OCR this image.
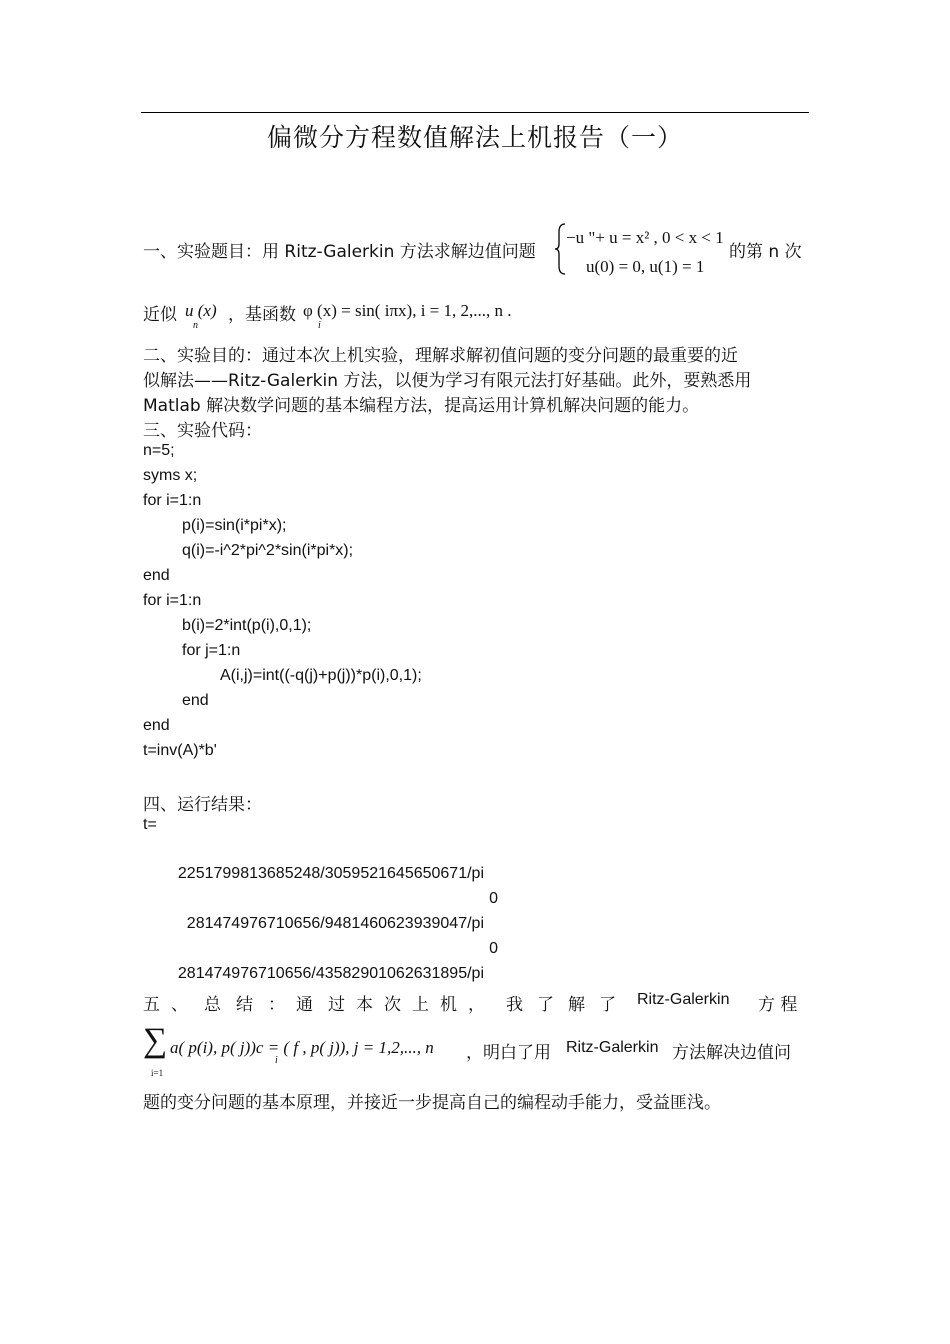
偏微分方程数值解法上机报告（一）
一、实验题目：用 Ritz-Galerkin 方法求解边值问题
−u "+ u = x² , 0 < x < 1
u(0) = 0, u(1) = 1
的第 n 次
近似 u (x)
n
，基函数 φ (x) = sin( iπx), i = 1, 2,..., n .
i
二、实验目的：通过本次上机实验，理解求解初值问题的变分问题的最重要的近
似解法——Ritz-Galerkin 方法，以便为学习有限元法打好基础。此外，要熟悉用
Matlab 解决数学问题的基本编程方法，提高运用计算机解决问题的能力。
三、实验代码：
n=5;
syms x;
for i=1:n
p(i)=sin(i*pi*x);
q(i)=-i^2*pi^2*sin(i*pi*x);
end
for i=1:n
b(i)=2*int(p(i),0,1);
for j=1:n
A(i,j)=int((-q(j)+p(j))*p(i),0,1);
end
end
t=inv(A)*b'
四、运行结果：
t=
2251799813685248/3059521645650671/pi
0
281474976710656/9481460623939047/pi
0
281474976710656/43582901062631895/pi
五 、 总 结 ： 通 过 本 次 上 机 ， 我 了 解 了 Ritz-Galerkin 方 程
∑
i=1
a( p(i), p( j))c = ( f , p( j)), j = 1,2,..., n
i	，明白了用 Ritz-Galerkin 方法解决边值问
题的变分问题的基本原理，并接近一步提高自己的编程动手能力，受益匪浅。
